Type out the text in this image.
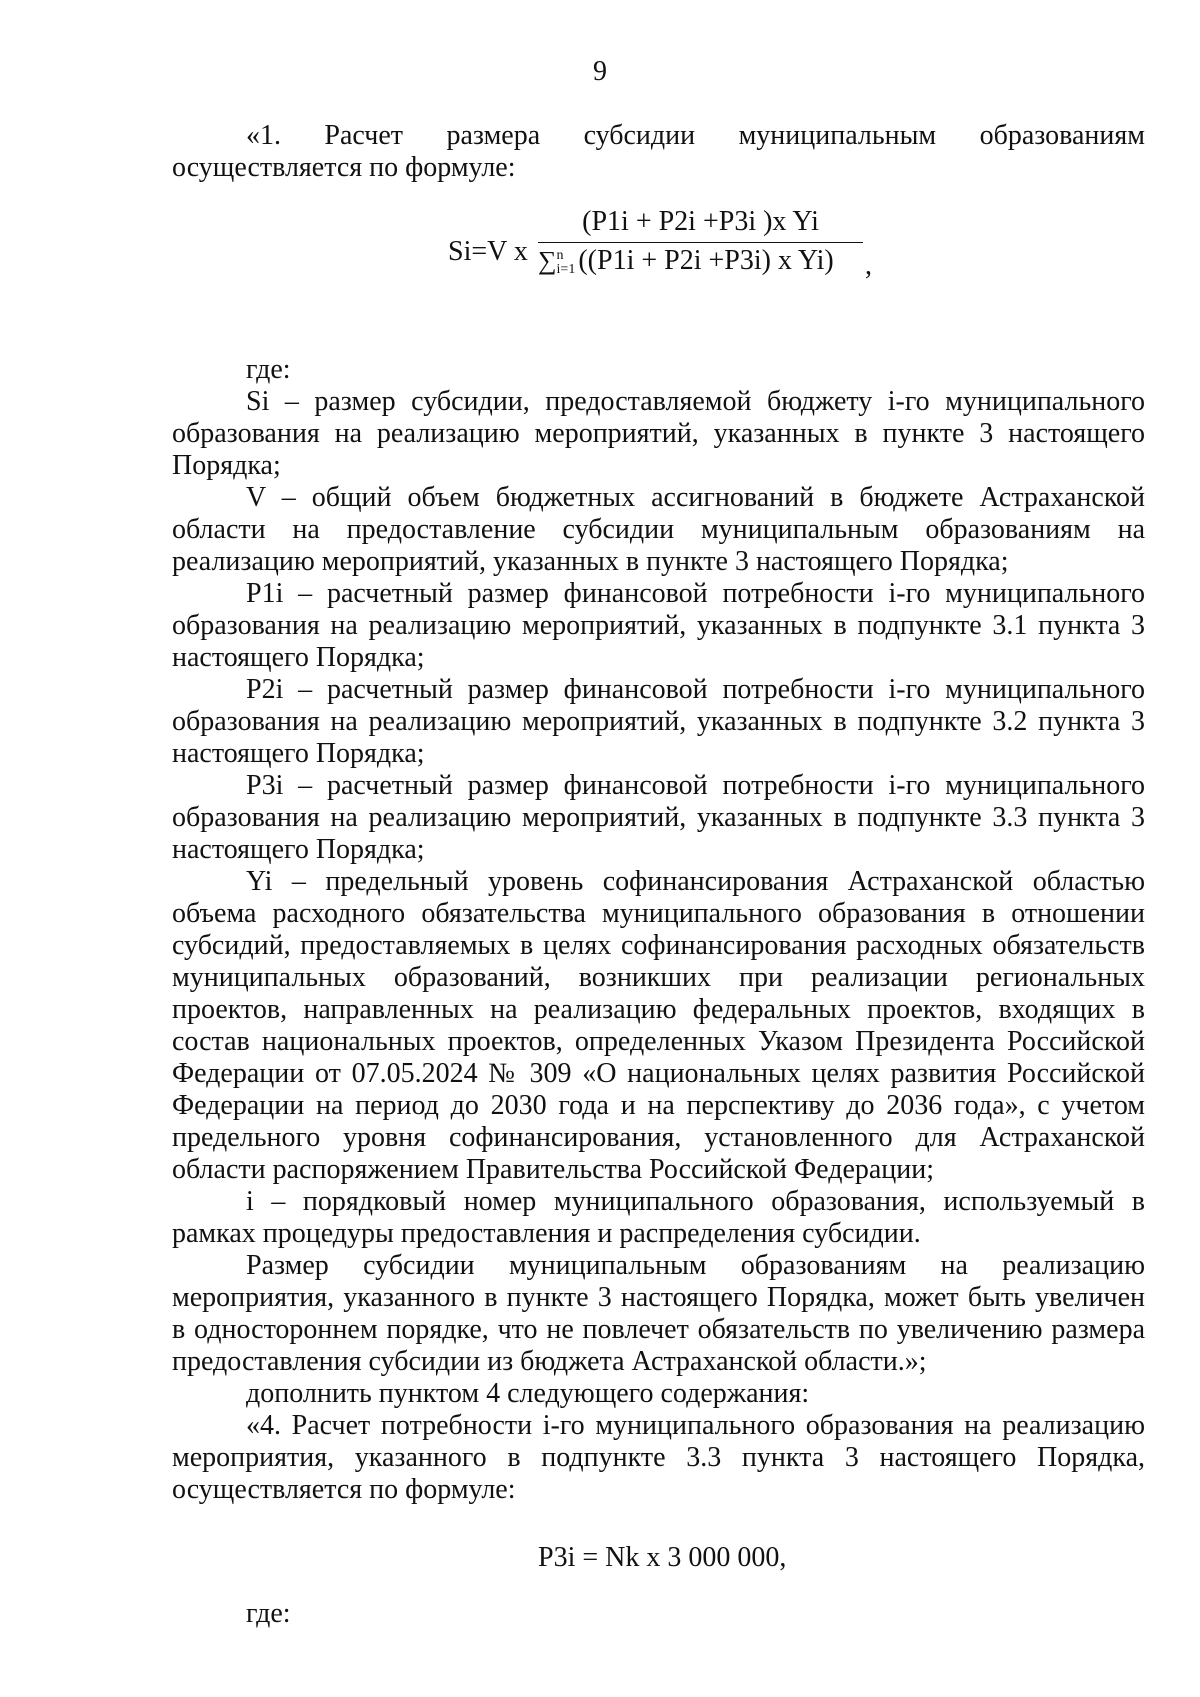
9

«1. Расчет размера субсидии муниципальным образованиям осуществляется по формуле:

Si=V x
(P1i + P2i +P3i )x Yi
∑ n
i=1 ((P1i + P2i +P3i) x Yi)	,

где:

Si – размер субсидии, предоставляемой бюджету i-го муниципального образования на реализацию мероприятий, указанных в пункте 3 настоящего Порядка;

V – общий объем бюджетных ассигнований в бюджете Астраханской области на предоставление субсидии муниципальным образованиям на реализацию мероприятий, указанных в пункте 3 настоящего Порядка;

P1i – расчетный размер финансовой потребности i-го муниципального образования на реализацию мероприятий, указанных в подпункте 3.1 пункта 3 настоящего Порядка;

P2i – расчетный размер финансовой потребности i-го муниципального образования на реализацию мероприятий, указанных в подпункте 3.2 пункта 3 настоящего Порядка;

P3i – расчетный размер финансовой потребности i-го муниципального образования на реализацию мероприятий, указанных в подпункте 3.3 пункта 3 настоящего Порядка;

Yi – предельный уровень софинансирования Астраханской областью объема расходного обязательства муниципального образования в отношении субсидий, предоставляемых в целях софинансирования расходных обязательств муниципальных образований, возникших при реализации региональных проектов, направленных на реализацию федеральных проектов, входящих в состав национальных проектов, определенных Указом Президента Российской Федерации от 07.05.2024 № 309 «О национальных целях развития Российской Федерации на период до 2030 года и на перспективу до 2036 года», с учетом предельного уровня софинансирования, установленного для Астраханской области распоряжением Правительства Российской Федерации;

i – порядковый номер муниципального образования, используемый в рамках процедуры предоставления и распределения субсидии.

Размер субсидии муниципальным образованиям на реализацию мероприятия, указанного в пункте 3 настоящего Порядка, может быть увеличен в одностороннем порядке, что не повлечет обязательств по увеличению размера предоставления субсидии из бюджета Астраханской области.»;

дополнить пунктом 4 следующего содержания:

«4. Расчет потребности i-го муниципального образования на реализацию мероприятия, указанного в подпункте 3.3 пункта 3 настоящего Порядка, осуществляется по формуле:

P3i = Nk x 3 000 000,

где:
